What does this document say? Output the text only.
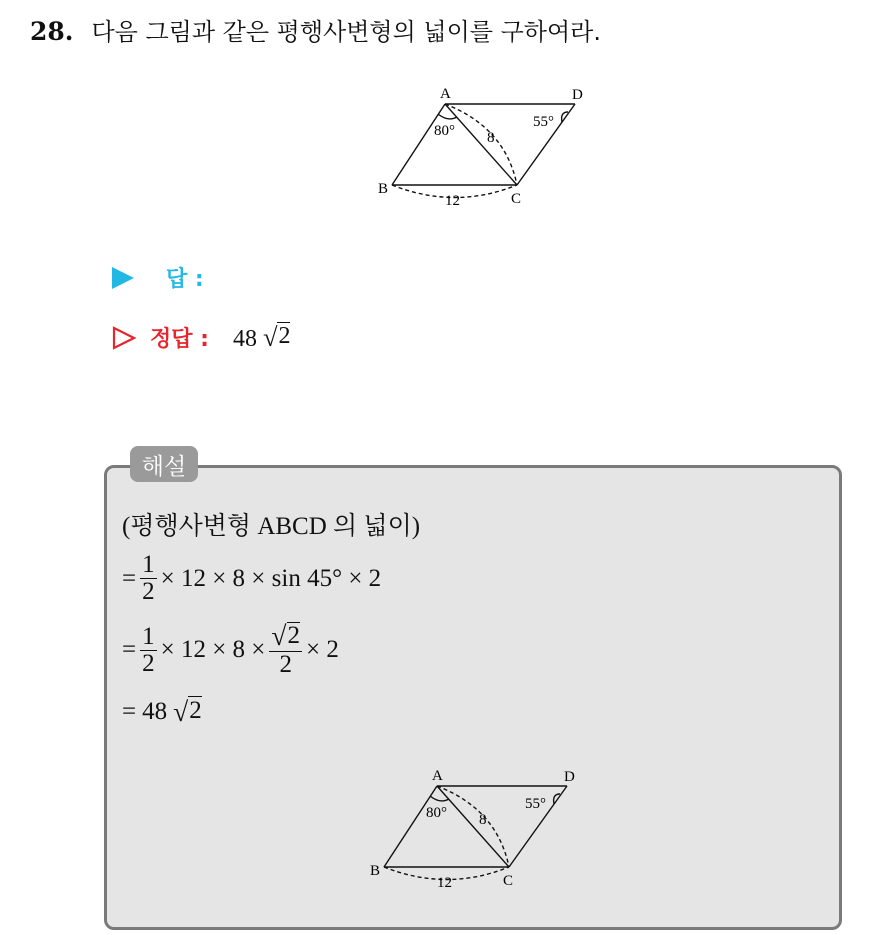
28. 다음 그림과 같은 평행사변형의 넓이를 구하여라.
A	D
B
C
80°
55°
8
12
답 :
정답 : 48 √ 2
해설
(평행사변형 ABCD 의 넓이)
= $\frac{1}{2} \times 12 \times 8 \times \sin 45^\circ \times 2$
= $\frac{1}{2} \times 12 \times 8 \times \frac{√ 2}{2} \times 2$
= 48 √ 2
A	D
B
C
80°
55°
8
12
